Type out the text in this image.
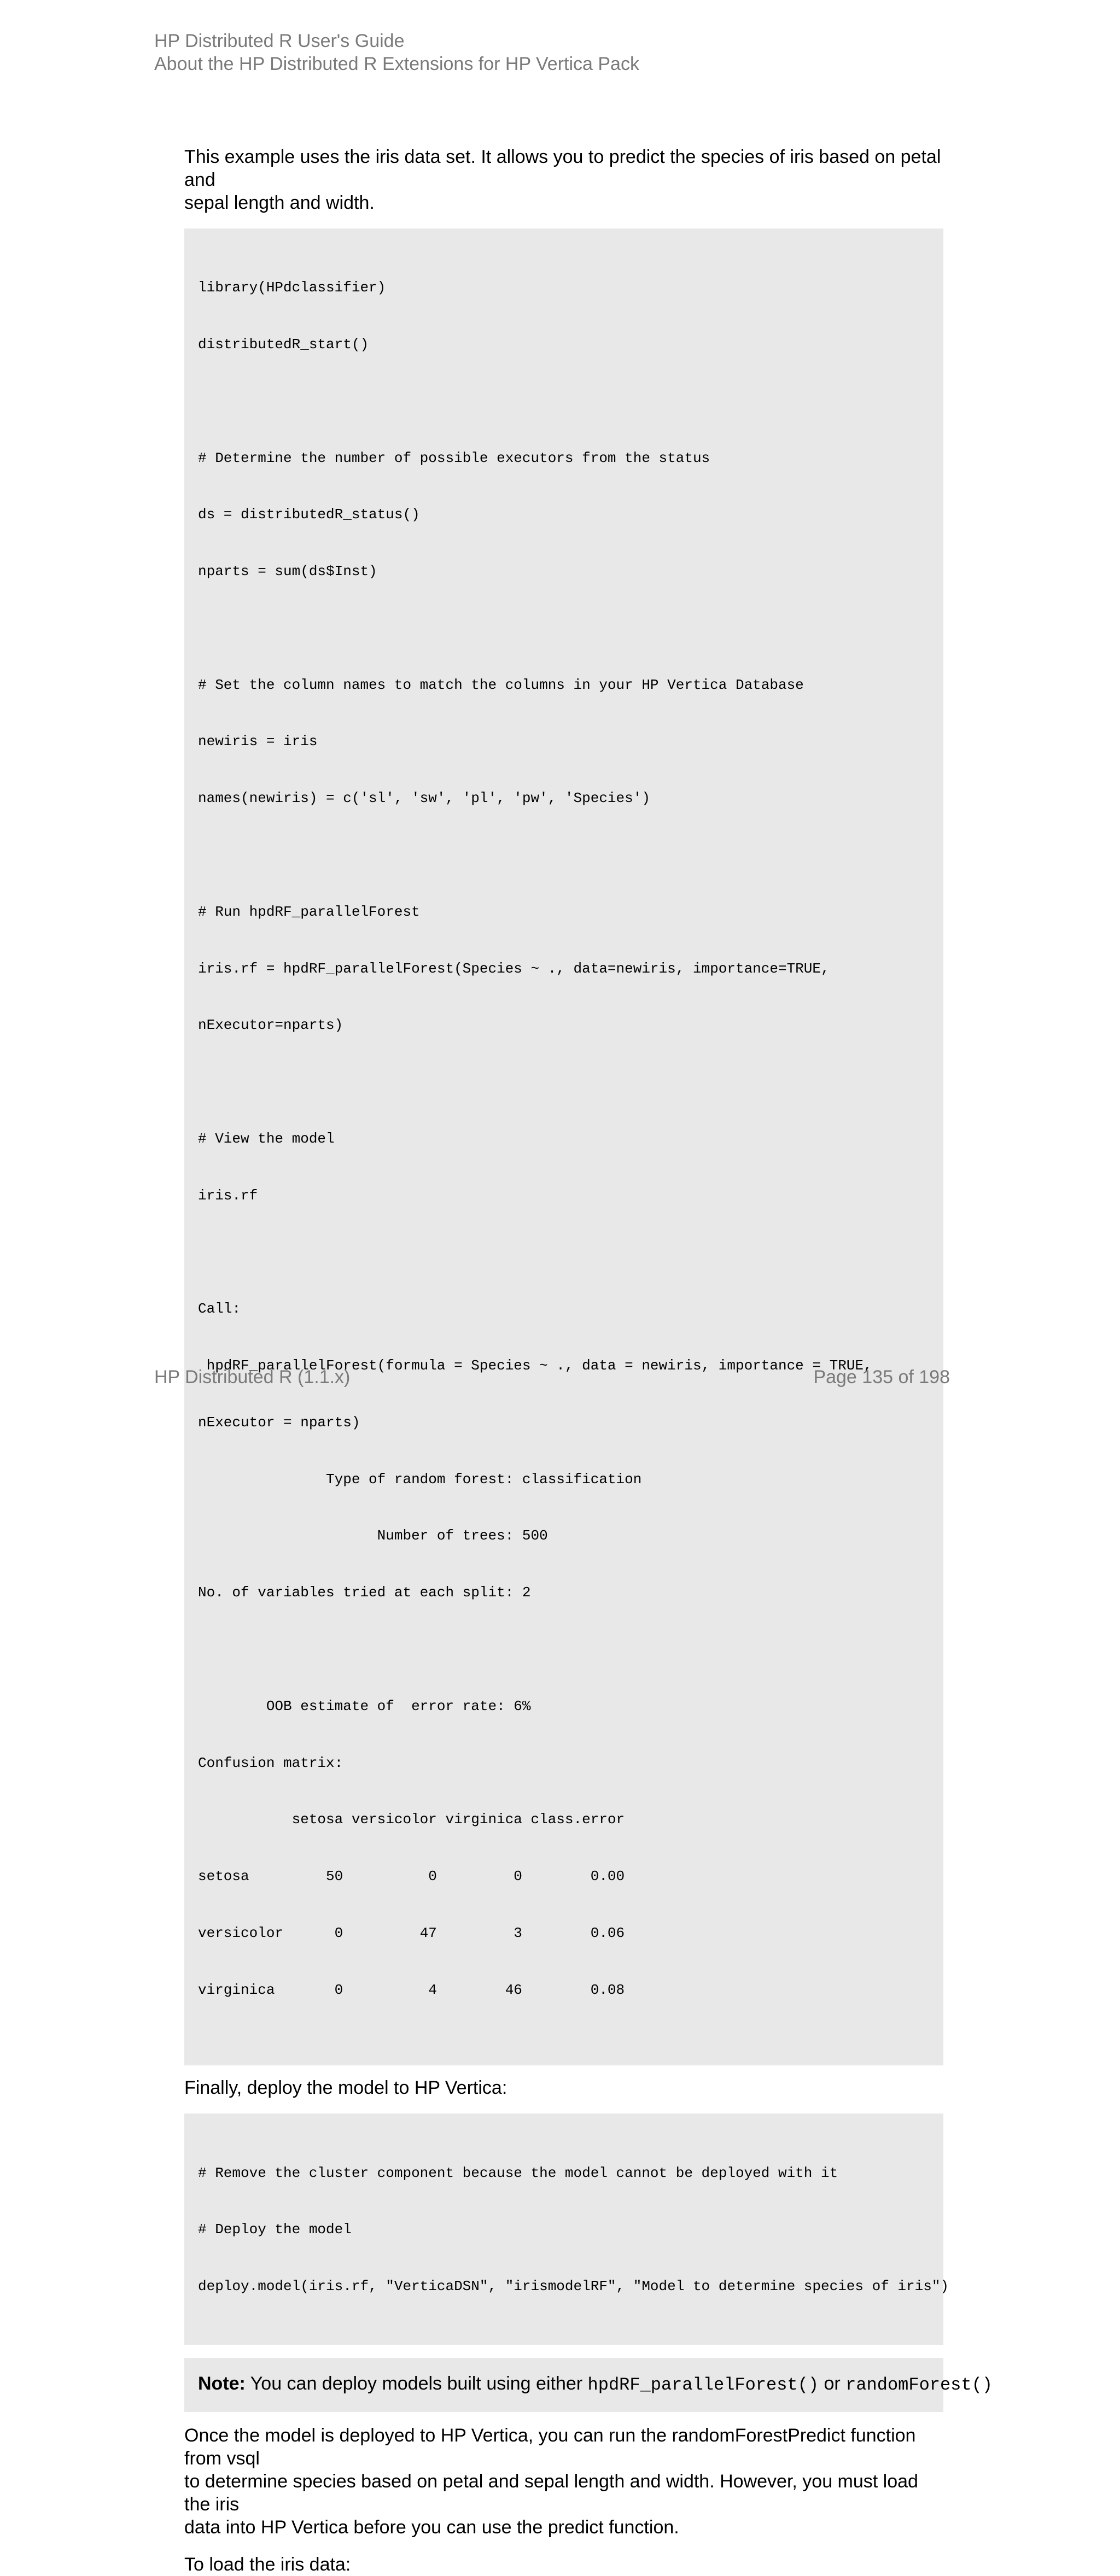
HP Distributed R User's Guide
About the HP Distributed R Extensions for HP Vertica Pack

This example uses the iris data set. It allows you to predict the species of iris based on petal and
sepal length and width.

library(HPdclassifier)

distributedR_start()

# Determine the number of possible executors from the status

ds = distributedR_status()

nparts = sum(ds$Inst)

# Set the column names to match the columns in your HP Vertica Database

newiris = iris

names(newiris) = c('sl', 'sw', 'pl', 'pw', 'Species')

# Run hpdRF_parallelForest

iris.rf = hpdRF_parallelForest(Species ~ ., data=newiris, importance=TRUE,

nExecutor=nparts)

# View the model

iris.rf

Call:

hpdRF_parallelForest(formula = Species ~ ., data = newiris, importance = TRUE,

nExecutor = nparts)

Type of random forest: classification

Number of trees: 500

No. of variables tried at each split: 2

OOB estimate of  error rate: 6%

Confusion matrix:

setosa versicolor virginica class.error

setosa         50          0         0        0.00

versicolor      0         47         3        0.06

virginica       0          4        46        0.08

Finally, deploy the model to HP Vertica:

# Remove the cluster component because the model cannot be deployed with it

# Deploy the model

deploy.model(iris.rf, "VerticaDSN", "irismodelRF", "Model to determine species of iris")

Note: You can deploy models built using either hpdRF_parallelForest() or randomForest()

Once the model is deployed to HP Vertica, you can run the randomForestPredict function from vsql
to determine species based on petal and sepal length and width. However, you must load the iris
data into HP Vertica before you can use the predict function.

To load the iris data:

HP Distributed R (1.1.x)	Page 135 of 198
